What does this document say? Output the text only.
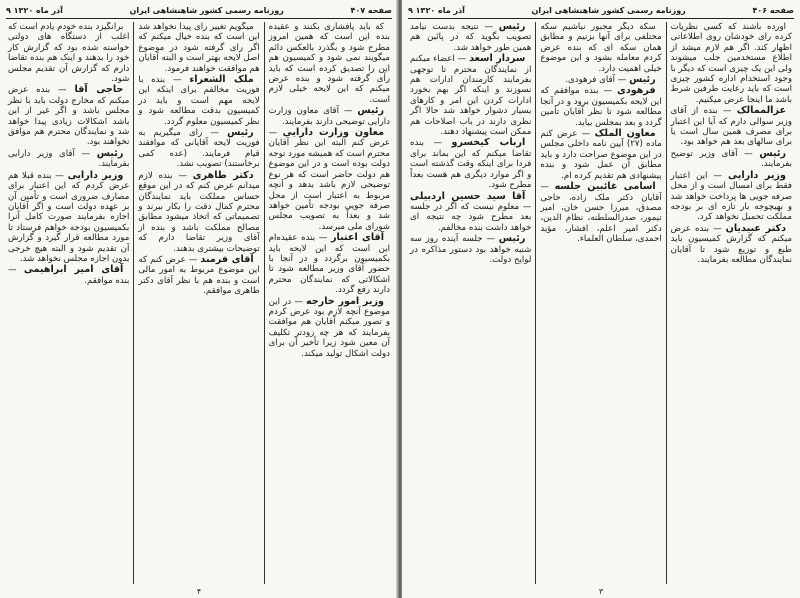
۹ آذر ماه ۱۳۲۰	روزنامه رسمی کشور شاهنشاهی ایران	صفحه ۴۰۷

که باید پافشاری بکنند و عقیده بنده این است که همین امروز مطرح شود و بگذرد بالعکس دائم میگویند نمی شود و کمیسیون هم این را تصدیق کرده است که باید رأی گرفته شود و بنده عرض میکنم که این لایحه خیلی لازم است.

رئیس — آقای معاون وزارت دارایی توضیحی دارند بفرمایند.

معاون وزارت دارایی — عرض کنم البته این نظر آقایان محترم است که همیشه مورد توجه دولت بوده است و در این موضوع هم دولت حاضر است که هر نوع توضیحی لازم باشد بدهد و آنچه مربوط به اعتبار است از محل صرفه جویی بودجه تأمین خواهد شد و بعداً به تصویب مجلس شورای ملی میرسد.

آقای اعتبار — بنده عقیده‌ام این است که این لایحه باید بکمیسیون برگردد و در آنجا با حضور آقای وزیر مطالعه شود تا اشکالاتی که نمایندگان محترم دارند رفع گردد.

وزیر امور خارجه — در این موضوع آنچه لازم بود عرض کردم و تصور میکنم آقایان هم موافقت بفرمایند که هر چه زودتر تکلیف آن معین شود زیرا تأخیر آن برای دولت اشکال تولید میکند.

میگویم تغییر رای پیدا نخواهد شد این است که بنده خیال میکنم که اگر رای گرفته شود در موضوع اصل لایحه بهتر است و البته آقایان هم موافقت خواهند فرمود.

ملک الشعراء — بنده با فوریت مخالفم برای اینکه این لایحه مهم است و باید در کمیسیون بدقت مطالعه شود و نظر کمیسیون معلوم گردد.

رئیس — رای میگیریم به فوریت لایحه آقایانی که موافقند قیام فرمایند. (عده کمی برخاستند) تصویب نشد.

دکتر طاهری — بنده لازم میدانم عرض کنم که در این موقع حساس مملکت باید نمایندگان محترم کمال دقت را بکار ببرند و تصمیماتی که اتخاذ میشود مطابق مصالح مملکت باشد و بنده از آقای وزیر تقاضا دارم که توضیحات بیشتری بدهند.

آقای فرمند — عرض کنم که این موضوع مربوط به امور مالی است و بنده هم با نظر آقای دکتر طاهری موافقم.

برانگیزد بنده خودم یادم است که اغلب از دستگاه های دولتی خواسته شده بود که گزارش کار خود را بدهند و اینک هم بنده تقاضا دارم که گزارش آن تقدیم مجلس شود.

حاجی آقا — بنده عرض میکنم که مخارج دولت باید با نظر مجلس باشد و اگر غیر از این باشد اشکالات زیادی پیدا خواهد شد و نمایندگان محترم هم موافق نخواهند بود.

رئیس — آقای وزیر دارایی بفرمایند.

وزیر دارایی — بنده قبلا هم عرض کردم که این اعتبار برای مصارف ضروری است و تأمین آن بر عهده دولت است و اگر آقایان اجازه بفرمایند صورت کامل آنرا بکمیسیون بودجه خواهم فرستاد تا مورد مطالعه قرار گیرد و گزارش آن تقدیم شود و البته هیچ خرجی بدون اجازه مجلس نخواهد شد.

آقای امیر ابراهیمی — بنده موافقم.

۴
۹ آذر ماه ۱۳۲۰	روزنامه رسمی کشور شاهنشاهی ایران	صفحه ۴۰۶

آورده باشند که کسی نظریات کرده رای خودشان روی اطلاعاتی اظهار کند. اگر هم لازم میشد از اطلاع مستخدمین جلب میشوند ولی این یک چیزی است که دیگر با وجود استخدام اداره کشور چیزی است که باید رعایت طرفین شرط باشد ما اینجا عرض میکنیم.

عزالممالک — بنده از آقای وزیر سوالی دارم که آیا این اعتبار برای مصرف همین سال است یا برای سالهای بعد هم خواهد بود.

رئیس — آقای وزیر توضیح بفرمایند.

وزیر دارایی — این اعتبار فقط برای امسال است و از محل صرفه جویی ها پرداخت خواهد شد و بهیچوجه بار تازه ای بر بودجه مملکت تحمیل نخواهد کرد.

دکتر عبیدیان — بنده عرض میکنم که گزارش کمیسیون باید طبع و توزیع شود تا آقایان نمایندگان مطالعه بفرمایند.

سکه دیگر مجبور نباشیم سکه مختلفی برای آنها بزنیم و مطابق همان سکه ای که بنده عرض کردم معامله بشود و این موضوع خیلی اهمیت دارد.

رئیس — آقای فرهودی.

فرهودی — بنده موافقم که این لایحه بکمیسیون برود و در آنجا مطالعه شود تا نظر آقایان تأمین گردد و بعد بمجلس بیاید.

معاون الملک — عرض کنم ماده (۲۷) آیین نامه داخلی مجلس در این موضوع صراحت دارد و باید مطابق آن عمل شود و بنده پیشنهادی هم تقدیم کرده ام.

اسامی غائبین جلسه — آقایان دکتر ملک زاده، حاجی مصدق، میرزا حسن خان، امیر تیمور، صدرالسلطنه، نظام الدین، دکتر امیر اعلم، افشار، مؤید احمدی، سلطان العلماء.

رئیس — نتیجه بدست نیامد تصویب بگوید که در پائین هم همین طور خواهد شد.

سردار اسعد — اعضاء میکنم از نمایندگان محترم تا توجهی بفرمایند کارمندان ادارات هم نسوزند و اینکه اگر بهم بخورد ادارات کردن این امر و کارهای بسیار دشوار خواهد شد حالا اگر نظری دارند در باب اصلاحات هم ممکن است پیشنهاد دهند.

ارباب کیخسرو — بنده تقاضا میکنم که این بماند برای فردا برای اینکه وقت گذشته است و اگر موارد دیگری هم هست بعداً مطرح شود.

آقا سید حسین اردبیلی — معلوم نیست که اگر در جلسه بعد مطرح شود چه نتیجه ای خواهد داشت بنده مخالفم.

رئیس — جلسه آینده روز سه شنبه خواهد بود دستور مذاکره در لوایح دولت.

۳
